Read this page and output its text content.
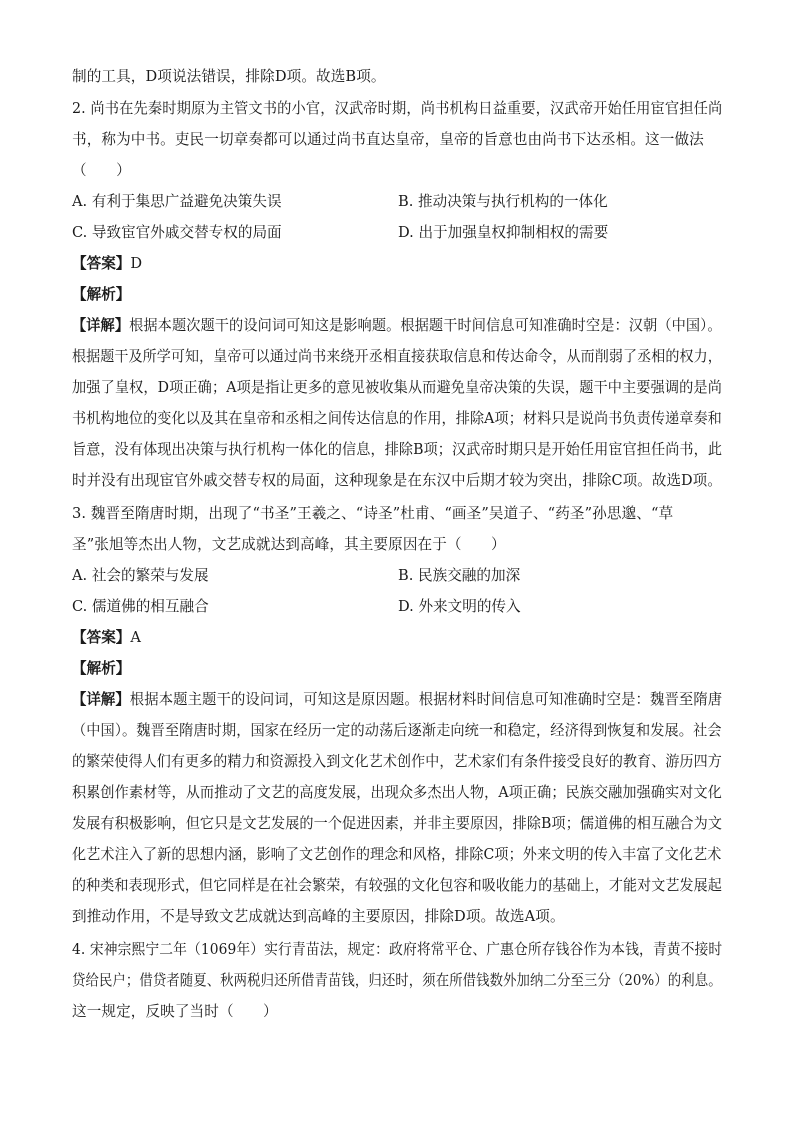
制的工具，D项说法错误，排除D项。故选B项。
2. 尚书在先秦时期原为主管文书的小官，汉武帝时期，尚书机构日益重要，汉武帝开始任用宦官担任尚
书，称为中书。吏民一切章奏都可以通过尚书直达皇帝，皇帝的旨意也由尚书下达丞相。这一做法
（　　）
A. 有利于集思广益避免决策失误	B. 推动决策与执行机构的一体化
C. 导致宦官外戚交替专权的局面	D. 出于加强皇权抑制相权的需要
【答案】D
【解析】
【详解】根据本题次题干的设问词可知这是影响题。根据题干时间信息可知准确时空是：汉朝（中国）。
根据题干及所学可知，皇帝可以通过尚书来绕开丞相直接获取信息和传达命令，从而削弱了丞相的权力，
加强了皇权，D项正确；A项是指让更多的意见被收集从而避免皇帝决策的失误，题干中主要强调的是尚
书机构地位的变化以及其在皇帝和丞相之间传达信息的作用，排除A项；材料只是说尚书负责传递章奏和
旨意，没有体现出决策与执行机构一体化的信息，排除B项；汉武帝时期只是开始任用宦官担任尚书，此
时并没有出现宦官外戚交替专权的局面，这种现象是在东汉中后期才较为突出，排除C项。故选D项。
3. 魏晋至隋唐时期，出现了“书圣”王羲之、“诗圣”杜甫、“画圣”吴道子、“药圣”孙思邈、“草
圣”张旭等杰出人物，文艺成就达到高峰，其主要原因在于（　　）
A. 社会的繁荣与发展	B. 民族交融的加深
C. 儒道佛的相互融合	D. 外来文明的传入
【答案】A
【解析】
【详解】根据本题主题干的设问词，可知这是原因题。根据材料时间信息可知准确时空是：魏晋至隋唐
（中国）。魏晋至隋唐时期，国家在经历一定的动荡后逐渐走向统一和稳定，经济得到恢复和发展。社会
的繁荣使得人们有更多的精力和资源投入到文化艺术创作中，艺术家们有条件接受良好的教育、游历四方
积累创作素材等，从而推动了文艺的高度发展，出现众多杰出人物，A项正确；民族交融加强确实对文化
发展有积极影响，但它只是文艺发展的一个促进因素，并非主要原因，排除B项；儒道佛的相互融合为文
化艺术注入了新的思想内涵，影响了文艺创作的理念和风格，排除C项；外来文明的传入丰富了文化艺术
的种类和表现形式，但它同样是在社会繁荣，有较强的文化包容和吸收能力的基础上，才能对文艺发展起
到推动作用，不是导致文艺成就达到高峰的主要原因，排除D项。故选A项。
4. 宋神宗熙宁二年（1069年）实行青苗法，规定：政府将常平仓、广惠仓所存钱谷作为本钱，青黄不接时
贷给民户；借贷者随夏、秋两税归还所借青苗钱，归还时，须在所借钱数外加纳二分至三分（20%）的利息。
这一规定，反映了当时（　　）
